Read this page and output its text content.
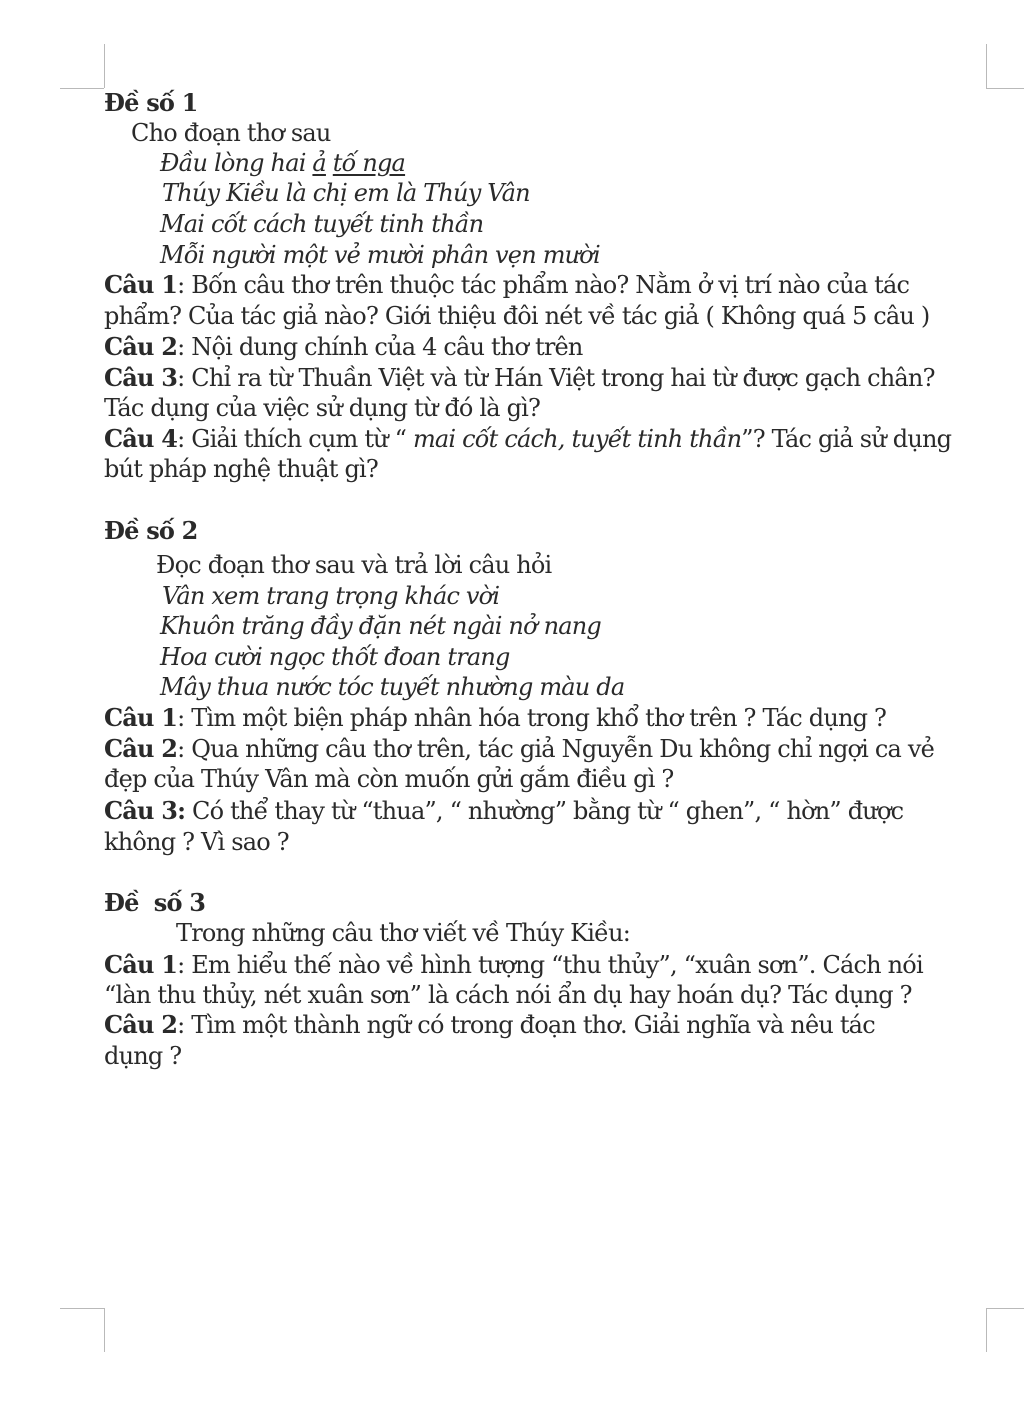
Đề số 1

Cho đoạn thơ sau

Đầu lòng hai ả tố nga

Thúy Kiều là chị em là Thúy Vân

Mai cốt cách tuyết tinh thần

Mỗi người một vẻ mười phân vẹn mười

Câu 1: Bốn câu thơ trên thuộc tác phẩm nào? Nằm ở vị trí nào của tác

phẩm? Của tác giả nào? Giới thiệu đôi nét về tác giả ( Không quá 5 câu )

Câu 2: Nội dung chính của 4 câu thơ trên

Câu 3: Chỉ ra từ Thuần Việt và từ Hán Việt trong hai từ được gạch chân?

Tác dụng của việc sử dụng từ đó là gì?

Câu 4: Giải thích cụm từ “ mai cốt cách, tuyết tinh thần”? Tác giả sử dụng

bút pháp nghệ thuật gì?

Đề số 2

Đọc đoạn thơ sau và trả lời câu hỏi

Vân xem trang trọng khác vời

Khuôn trăng đầy đặn nét ngài nở nang

Hoa cười ngọc thốt đoan trang

Mây thua nước tóc tuyết nhường màu da

Câu 1: Tìm một biện pháp nhân hóa trong khổ thơ trên ? Tác dụng ?

Câu 2: Qua những câu thơ trên, tác giả Nguyễn Du không chỉ ngợi ca vẻ

đẹp của Thúy Vân mà còn muốn gửi gắm điều gì ?

Câu 3: Có thể thay từ “thua”, “ nhường” bằng từ “ ghen”, “ hờn” được

không ? Vì sao ?

Đề  số 3

Trong những câu thơ viết về Thúy Kiều:

Câu 1: Em hiểu thế nào về hình tượng “thu thủy”, “xuân sơn”. Cách nói

“làn thu thủy, nét xuân sơn” là cách nói ẩn dụ hay hoán dụ? Tác dụng ?

Câu 2: Tìm một thành ngữ có trong đoạn thơ. Giải nghĩa và nêu tác

dụng ?
